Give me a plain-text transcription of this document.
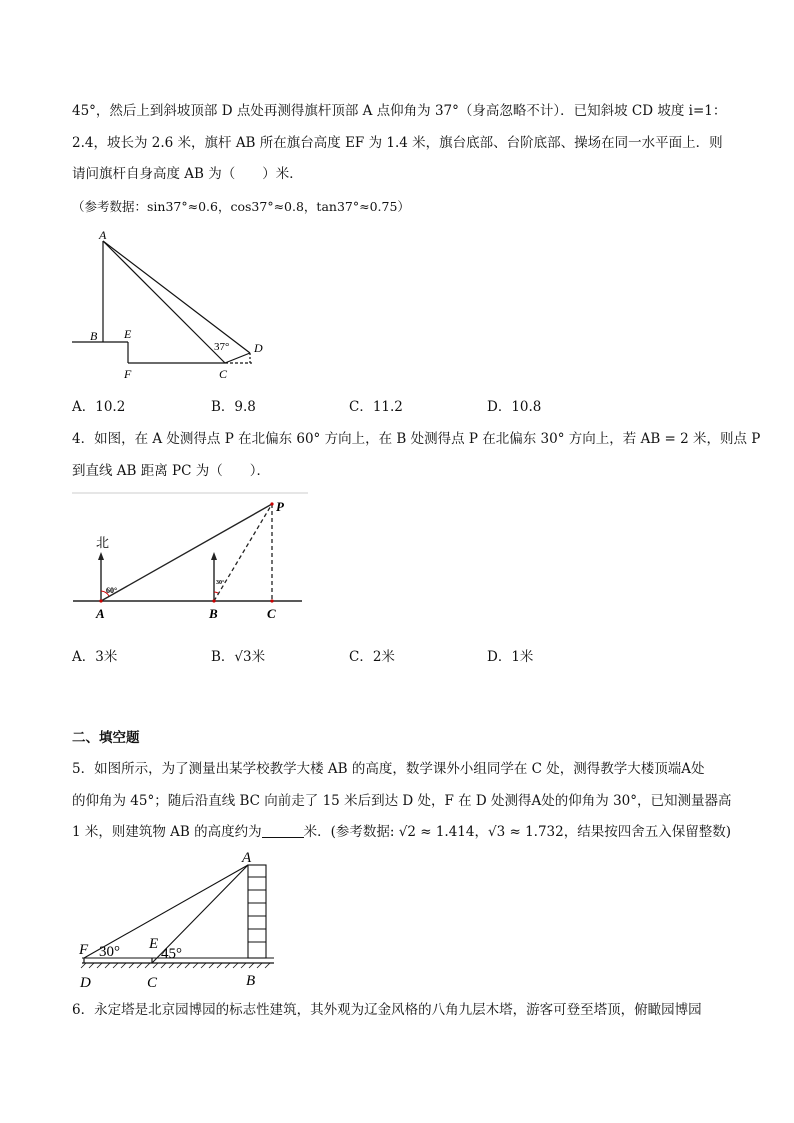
45°，然后上到斜坡顶部 D 点处再测得旗杆顶部 A 点仰角为 37°（身高忽略不计）．已知斜坡 CD 坡度 i=1：
2.4，坡长为 2.6 米，旗杆 AB 所在旗台高度 EF 为 1.4 米，旗台底部、台阶底部、操场在同一水平面上．则
请问旗杆自身高度 AB 为（　　）米．
（参考数据：sin37°≈0.6，cos37°≈0.8，tan37°≈0.75）
A
B E
F	C
D
37°
A．10.2	B．9.8	C．11.2	D．10.8
4．如图，在 A 处测得点 P 在北偏东 60° 方向上，在 B 处测得点 P 在北偏东 30° 方向上，若 AB = 2 米，则点 P
到直线 AB 距离 PC 为（　　）．
北
60°
30°
A	B	C
P
A．3米	B．√3米	C．2米	D．1米
二、填空题
5．如图所示，为了测量出某学校教学大楼 AB 的高度，数学课外小组同学在 C 处，测得教学大楼顶端A处
的仰角为 45°；随后沿直线 BC 向前走了 15 米后到达 D 处，F 在 D 处测得A处的仰角为 30°，已知测量器高
1 米，则建筑物 AB 的高度约为	米．(参考数据: √2 ≈ 1.414，√3 ≈ 1.732，结果按四舍五入保留整数)
A
B
C
D
E
F 30°	45°
6．永定塔是北京园博园的标志性建筑，其外观为辽金风格的八角九层木塔，游客可登至塔顶，俯瞰园博园
